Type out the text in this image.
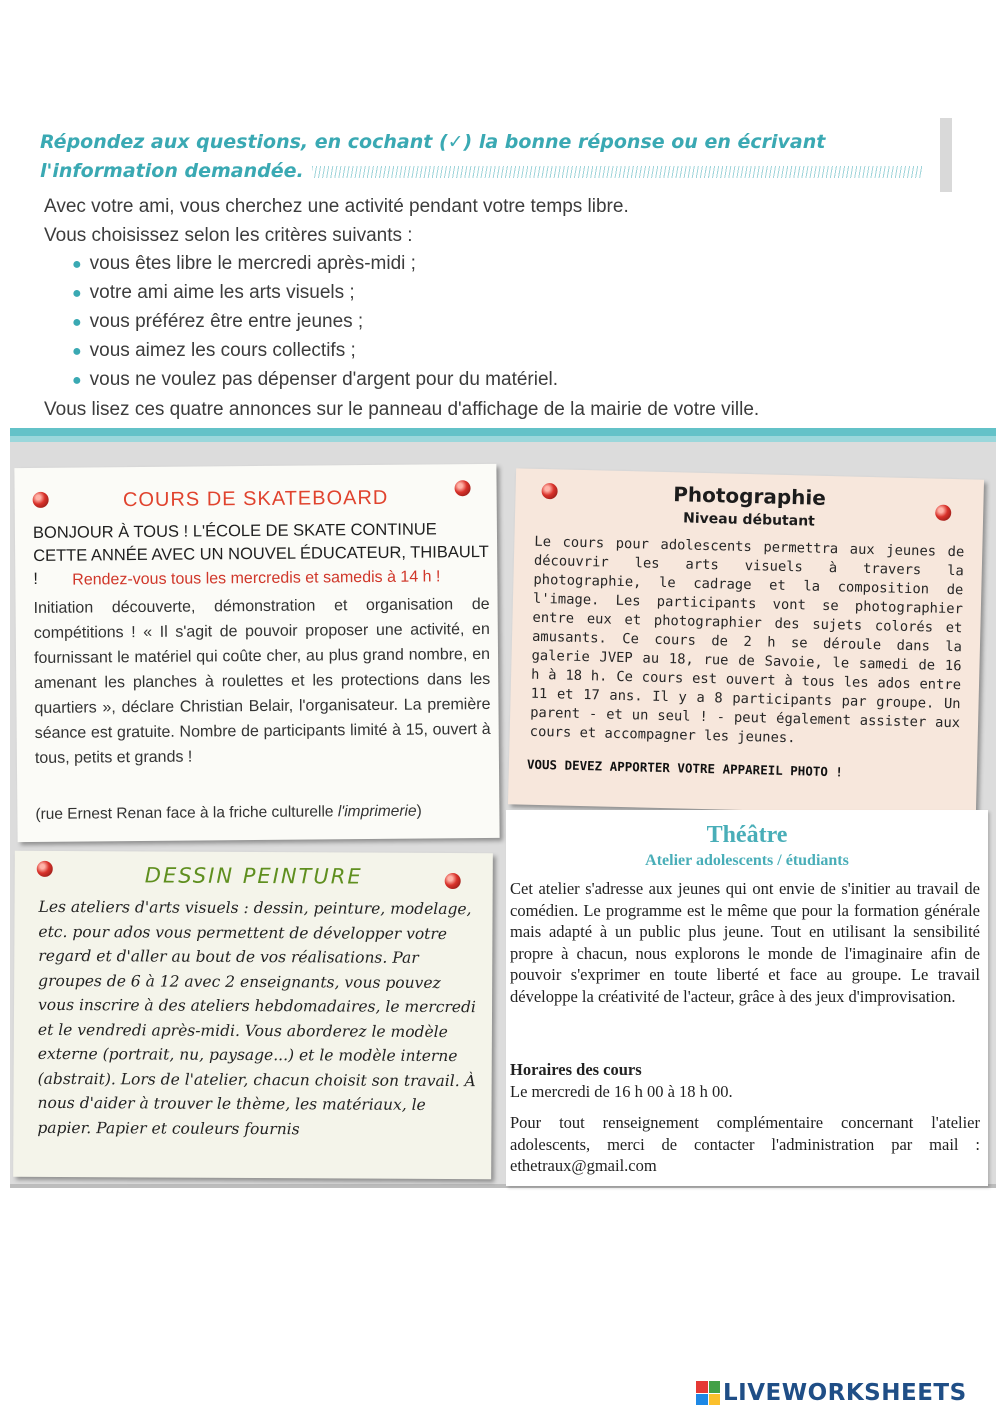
Répondez aux questions, en cochant (✓) la bonne réponse ou en écrivant
l'information demandée.

Avec votre ami, vous cherchez une activité pendant votre temps libre.

Vous choisissez selon les critères suivants :

● vous êtes libre le mercredi après-midi ;
● votre ami aime les arts visuels ;
● vous préférez être entre jeunes ;
● vous aimez les cours collectifs ;
● vous ne voulez pas dépenser d'argent pour du matériel.

Vous lisez ces quatre annonces sur le panneau d'affichage de la mairie de votre ville.

COURS DE SKATEBOARD
BONJOUR À TOUS ! L'ÉCOLE DE SKATE CONTINUE CETTE ANNÉE AVEC UN NOUVEL ÉDUCATEUR, THIBAULT !	Rendez-vous tous les mercredis et samedis à 14 h !
Initiation découverte, démonstration et organisation de compétitions ! « Il s'agit de pouvoir proposer une activité, en fournissant le matériel qui coûte cher, au plus grand nombre, en amenant les planches à roulettes et les protections dans les quartiers », déclare Christian Belair, l'organisateur. La première séance est gratuite. Nombre de participants limité à 15, ouvert à tous, petits et grands !
(rue Ernest Renan face à la friche culturelle l'imprimerie)
Photographie
Niveau débutant
Le cours pour adolescents permettra aux jeunes de découvrir les arts visuels à travers la photographie, le cadrage et la composition de l'image. Les participants vont se photographier entre eux et photographier des sujets colorés et amusants. Ce cours de 2 h se déroule dans la galerie JVEP au 18, rue de Savoie, le samedi de 16 h à 18 h. Ce cours est ouvert à tous les ados entre 11 et 17 ans. Il y a 8 participants par groupe. Un parent - et un seul ! - peut également assister aux cours et accompagner les jeunes.
VOUS DEVEZ APPORTER VOTRE APPAREIL PHOTO !
DESSIN PEINTURE
Les ateliers d'arts visuels : dessin, peinture, modelage, etc. pour ados vous permettent de développer votre regard et d'aller au bout de vos réalisations. Par groupes de 6 à 12 avec 2 enseignants, vous pouvez vous inscrire à des ateliers hebdomadaires, le mercredi et le vendredi après-midi. Vous aborderez le modèle externe (portrait, nu, paysage...) et le modèle interne (abstrait). Lors de l'atelier, chacun choisit son travail. À nous d'aider à trouver le thème, les matériaux, le papier. Papier et couleurs fournis
Théâtre
Atelier adolescents / étudiants
Cet atelier s'adresse aux jeunes qui ont envie de s'initier au travail de comédien. Le programme est le même que pour la formation générale mais adapté à un public plus jeune. Tout en utilisant la sensibilité propre à chacun, nous explorons le monde de l'imaginaire afin de pouvoir s'exprimer en toute liberté et face au groupe. Le travail développe la créativité de l'acteur, grâce à des jeux d'improvisation.
Horaires des cours
Le mercredi de 16 h 00 à 18 h 00.
Pour tout renseignement complémentaire concernant l'atelier adolescents, merci de contacter l'administration par mail : ethetraux@gmail.com
LIVEWORKSHEETS
